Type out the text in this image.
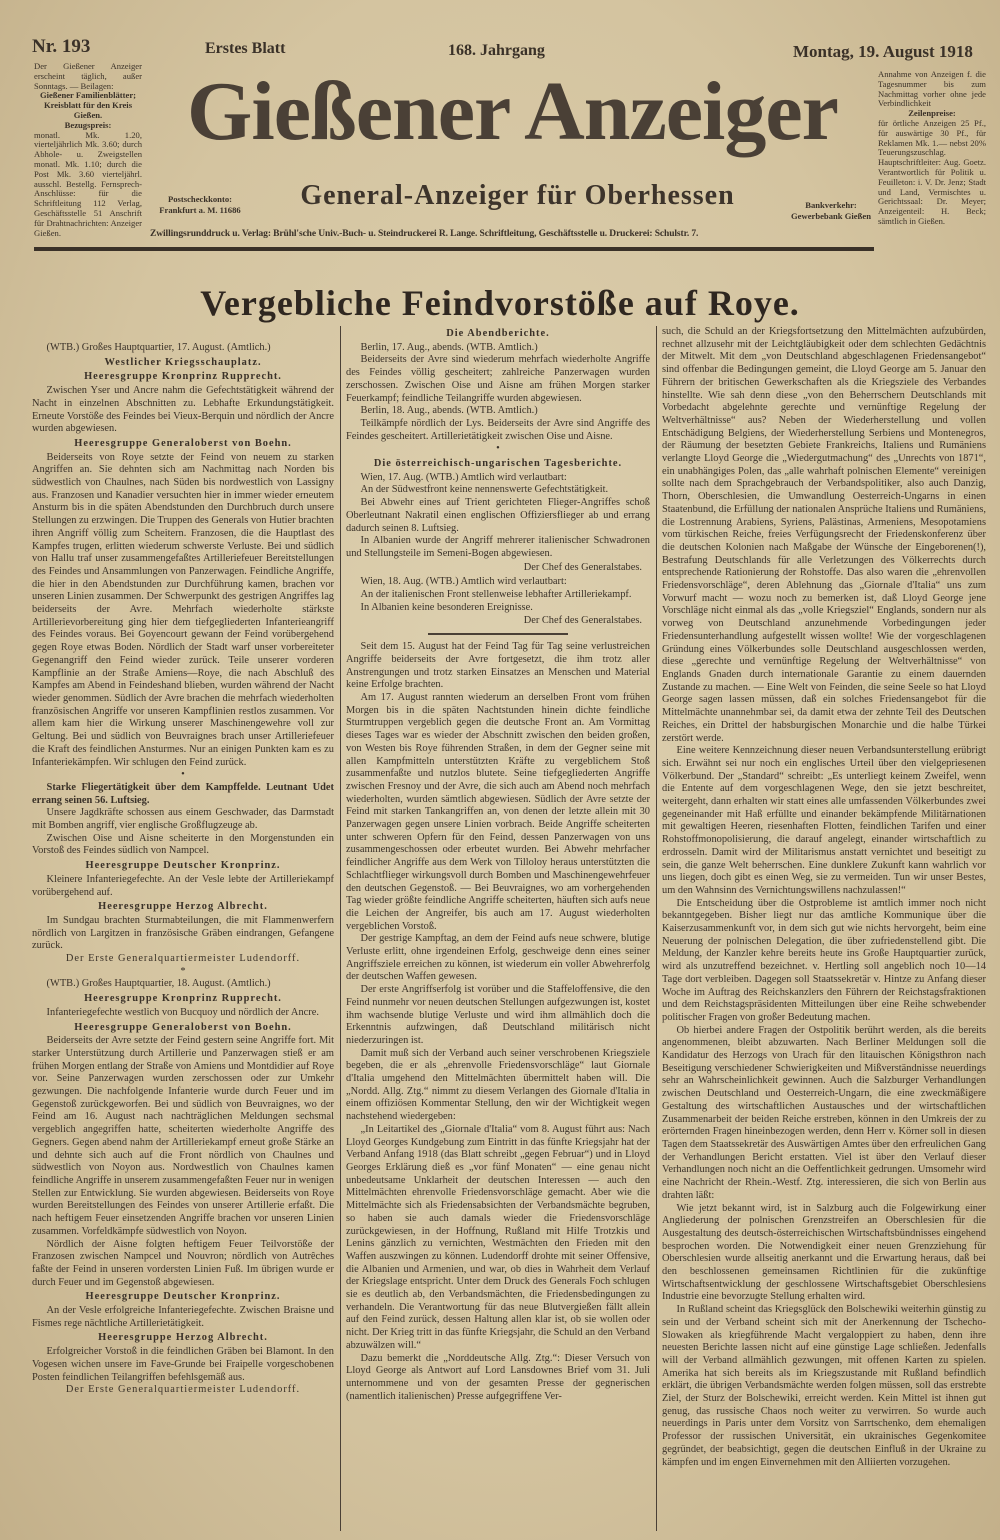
Nr. 193	Erstes Blatt	168. Jahrgang	Montag, 19. August 1918
Der Gießener Anzeiger erscheint täglich, außer Sonntags. — Beilagen:
Gießener Familienblätter;
Kreisblatt für den Kreis Gießen.
Bezugspreis:
monatl. Mk. 1.20, vierteljährlich Mk. 3.60; durch Abhole- u. Zweigstellen monatl. Mk. 1.10; durch die Post Mk. 3.60 vierteljährl. ausschl. Bestellg. Fernsprech-Anschlüsse: für die Schriftleitung 112 Verlag, Geschäftsstelle 51 Anschrift für Drahtnachrichten: Anzeiger Gießen.
Gießener Anzeiger
Postscheckkonto: Frankfurt a. M. 11686	General-Anzeiger für Oberhessen	Bankverkehr: Gewerbebank Gießen
Zwillingsrunddruck u. Verlag: Brühl'sche Univ.-Buch- u. Steindruckerei R. Lange. Schriftleitung, Geschäftsstelle u. Druckerei: Schulstr. 7.
Annahme von Anzeigen f. die Tagesnummer bis zum Nachmittag vorher ohne jede Verbindlichkeit
Zeilenpreise:
für örtliche Anzeigen 25 Pf., für auswärtige 30 Pf., für Reklamen Mk. 1.— nebst 20% Teuerungszuschlag. Hauptschriftleiter: Aug. Goetz. Verantwortlich für Politik u. Feuilleton: i. V. Dr. Jenz; Stadt und Land, Vermischtes u. Gerichtssaal: Dr. Meyer; Anzeigenteil: H. Beck; sämtlich in Gießen.
Vergebliche Feindvorstöße auf Roye.

(WTB.) Großes Hauptquartier, 17. August. (Amtlich.)

Westlicher Kriegsschauplatz.

Heeresgruppe Kronprinz Rupprecht.

Zwischen Yser und Ancre nahm die Gefechtstätigkeit während der Nacht in einzelnen Abschnitten zu. Lebhafte Erkundungstätigkeit. Erneute Vorstöße des Feindes bei Vieux-Berquin und nördlich der Ancre wurden abgewiesen.

Heeresgruppe Generaloberst von Boehn.

Beiderseits von Roye setzte der Feind von neuem zu starken Angriffen an. Sie dehnten sich am Nachmittag nach Norden bis südwestlich von Chaulnes, nach Süden bis nordwestlich von Lassigny aus. Franzosen und Kanadier versuchten hier in immer wieder erneutem Ansturm bis in die späten Abendstunden den Durchbruch durch unsere Stellungen zu erzwingen. Die Truppen des Generals von Hutier brachten ihren Angriff völlig zum Scheitern. Franzosen, die die Hauptlast des Kampfes trugen, erlitten wiederum schwerste Verluste. Bei und südlich von Hallu traf unser zusammengefaßtes Artilleriefeuer Bereitstellungen des Feindes und Ansammlungen von Panzerwagen. Feindliche Angriffe, die hier in den Abendstunden zur Durchführung kamen, brachen vor unseren Linien zusammen. Der Schwerpunkt des gestrigen Angriffes lag beiderseits der Avre. Mehrfach wiederholte stärkste Artillerievorbereitung ging hier dem tiefgegliederten Infanterieangriff des Feindes voraus. Bei Goyencourt gewann der Feind vorübergehend gegen Roye etwas Boden. Nördlich der Stadt warf unser vorbereiteter Gegenangriff den Feind wieder zurück. Teile unserer vorderen Kampflinie an der Straße Amiens—Roye, die nach Abschluß des Kampfes am Abend in Feindeshand blieben, wurden während der Nacht wieder genommen. Südlich der Avre brachen die mehrfach wiederholten französischen Angriffe vor unseren Kampflinien restlos zusammen. Vor allem kam hier die Wirkung unserer Maschinengewehre voll zur Geltung. Bei und südlich von Beuvraignes brach unser Artilleriefeuer die Kraft des feindlichen Ansturmes. Nur an einigen Punkten kam es zu Infanteriekämpfen. Wir schlugen den Feind zurück.

•

Starke Fliegertätigkeit über dem Kampffelde. Leutnant Udet errang seinen 56. Luftsieg.

Unsere Jagdkräfte schossen aus einem Geschwader, das Darmstadt mit Bomben angriff, vier englische Großflugzeuge ab.

Zwischen Oise und Aisne scheiterte in den Morgenstunden ein Vorstoß des Feindes südlich von Nampcel.

Heeresgruppe Deutscher Kronprinz.

Kleinere Infanteriegefechte. An der Vesle lebte der Artilleriekampf vorübergehend auf.

Heeresgruppe Herzog Albrecht.

Im Sundgau brachten Sturmabteilungen, die mit Flammenwerfern nördlich von Largitzen in französische Gräben eindrangen, Gefangene zurück.

Der Erste Generalquartiermeister Ludendorff.

*

(WTB.) Großes Hauptquartier, 18. August. (Amtlich.)

Heeresgruppe Kronprinz Rupprecht.

Infanteriegefechte westlich von Bucquoy und nördlich der Ancre.

Heeresgruppe Generaloberst von Boehn.

Beiderseits der Avre setzte der Feind gestern seine Angriffe fort. Mit starker Unterstützung durch Artillerie und Panzerwagen stieß er am frühen Morgen entlang der Straße von Amiens und Montdidier auf Roye vor. Seine Panzerwagen wurden zerschossen oder zur Umkehr gezwungen. Die nachfolgende Infanterie wurde durch Feuer und im Gegenstoß zurückgeworfen. Bei und südlich von Beuvraignes, wo der Feind am 16. August nach nachträglichen Meldungen sechsmal vergeblich angegriffen hatte, scheiterten wiederholte Angriffe des Gegners. Gegen abend nahm der Artilleriekampf erneut große Stärke an und dehnte sich auch auf die Front nördlich von Chaulnes und südwestlich von Noyon aus. Nordwestlich von Chaulnes kamen feindliche Angriffe in unserem zusammengefaßten Feuer nur in wenigen Stellen zur Entwicklung. Sie wurden abgewiesen. Beiderseits von Roye wurden Bereitstellungen des Feindes von unserer Artillerie erfaßt. Die nach heftigem Feuer einsetzenden Angriffe brachen vor unseren Linien zusammen. Vorfeldkämpfe südwestlich von Noyon.

Nördlich der Aisne folgten heftigem Feuer Teilvorstöße der Franzosen zwischen Nampcel und Nouvron; nördlich von Autrêches faßte der Feind in unseren vordersten Linien Fuß. Im übrigen wurde er durch Feuer und im Gegenstoß abgewiesen.

Heeresgruppe Deutscher Kronprinz.

An der Vesle erfolgreiche Infanteriegefechte. Zwischen Braisne und Fismes rege nächtliche Artillerietätigkeit.

Heeresgruppe Herzog Albrecht.

Erfolgreicher Vorstoß in die feindlichen Gräben bei Blamont. In den Vogesen wichen unsere im Fave-Grunde bei Fraipelle vorgeschobenen Posten feindlichen Teilangriffen befehlsgemäß aus.

Der Erste Generalquartiermeister Ludendorff.

Die Abendberichte.

Berlin, 17. Aug., abends. (WTB. Amtlich.)

Beiderseits der Avre sind wiederum mehrfach wiederholte Angriffe des Feindes völlig gescheitert; zahlreiche Panzerwagen wurden zerschossen. Zwischen Oise und Aisne am frühen Morgen starker Feuerkampf; feindliche Teilangriffe wurden abgewiesen.

Berlin, 18. Aug., abends. (WTB. Amtlich.)

Teilkämpfe nördlich der Lys. Beiderseits der Avre sind Angriffe des Feindes gescheitert. Artillerietätigkeit zwischen Oise und Aisne.

•

Die österreichisch-ungarischen Tagesberichte.

Wien, 17. Aug. (WTB.) Amtlich wird verlautbart:

An der Südwestfront keine nennenswerte Gefechtstätigkeit.

Bei Abwehr eines auf Trient gerichteten Flieger-Angriffes schoß Oberleutnant Nakratil einen englischen Offiziersflieger ab und errang dadurch seinen 8. Luftsieg.

In Albanien wurde der Angriff mehrerer italienischer Schwadronen und Stellungsteile im Semeni-Bogen abgewiesen.

Der Chef des Generalstabes.

Wien, 18. Aug. (WTB.) Amtlich wird verlautbart:

An der italienischen Front stellenweise lebhafter Artilleriekampf.

In Albanien keine besonderen Ereignisse.

Der Chef des Generalstabes.

Seit dem 15. August hat der Feind Tag für Tag seine verlustreichen Angriffe beiderseits der Avre fortgesetzt, die ihm trotz aller Anstrengungen und trotz starken Einsatzes an Menschen und Material keine Erfolge brachten.

Am 17. August rannten wiederum an derselben Front vom frühen Morgen bis in die späten Nachtstunden hinein dichte feindliche Sturmtruppen vergeblich gegen die deutsche Front an. Am Vormittag dieses Tages war es wieder der Abschnitt zwischen den beiden großen, von Westen bis Roye führenden Straßen, in dem der Gegner seine mit allen Kampfmitteln unterstützten Kräfte zu vergeblichem Stoß zusammenfaßte und nutzlos blutete. Seine tiefgegliederten Angriffe zwischen Fresnoy und der Avre, die sich auch am Abend noch mehrfach wiederholten, wurden sämtlich abgewiesen. Südlich der Avre setzte der Feind mit starken Tankangriffen an, von denen der letzte allein mit 30 Panzerwagen gegen unsere Linien vorbrach. Beide Angriffe scheiterten unter schweren Opfern für den Feind, dessen Panzerwagen von uns zusammengeschossen oder erbeutet wurden. Bei Abwehr mehrfacher feindlicher Angriffe aus dem Werk von Tilloloy heraus unterstützten die Schlachtflieger wirkungsvoll durch Bomben und Maschinengewehrfeuer den deutschen Gegenstoß. — Bei Beuvraignes, wo am vorhergehenden Tag wieder größte feindliche Angriffe scheiterten, häuften sich aufs neue die Leichen der Angreifer, bis auch am 17. August wiederholten vergeblichen Vorstoß.

Der gestrige Kampftag, an dem der Feind aufs neue schwere, blutige Verluste erlitt, ohne irgendeinen Erfolg, geschweige denn eines seiner Angriffsziele erreichen zu können, ist wiederum ein voller Abwehrerfolg der deutschen Waffen gewesen.

Der erste Angriffserfolg ist vorüber und die Staffeloffensive, die den Feind nunmehr vor neuen deutschen Stellungen aufgezwungen ist, kostet ihm wachsende blutige Verluste und wird ihm allmählich doch die Erkenntnis aufzwingen, daß Deutschland militärisch nicht niederzuringen ist.

Damit muß sich der Verband auch seiner verschrobenen Kriegsziele begeben, die er als „ehrenvolle Friedensvorschläge“ laut Giornale d'Italia umgehend den Mittelmächten übermittelt haben will. Die „Nordd. Allg. Ztg.“ nimmt zu diesem Verlangen des Giornale d'Italia in einem offiziösen Kommentar Stellung, den wir der Wichtigkeit wegen nachstehend wiedergeben:

„In Leitartikel des „Giornale d'Italia“ vom 8. August führt aus: Nach Lloyd Georges Kundgebung zum Eintritt in das fünfte Kriegsjahr hat der Verband Anfang 1918 (das Blatt schreibt „gegen Februar“) und in Lloyd Georges Erklärung dieß es „vor fünf Monaten“ — eine genau nicht unbedeutsame Unklarheit der deutschen Interessen — auch den Mittelmächten ehrenvolle Friedensvorschläge gemacht. Aber wie die Mittelmächte sich als Friedensabsichten der Verbandsmächte begruben, so haben sie auch damals wieder die Friedensvorschläge zurückgewiesen, in der Hoffnung, Rußland mit Hilfe Trotzkis und Lenins gänzlich zu vernichten, Westmächten den Frieden mit den Waffen auszwingen zu können. Ludendorff drohte mit seiner Offensive, die Albanien und Armenien, und war, ob dies in Wahrheit dem Verlauf der Kriegslage entspricht. Unter dem Druck des Generals Foch schlugen sie es deutlich ab, den Verbandsmächten, die Friedensbedingungen zu verhandeln. Die Verantwortung für das neue Blutvergießen fällt allein auf den Feind zurück, dessen Haltung allen klar ist, ob sie wollen oder nicht. Der Krieg tritt in das fünfte Kriegsjahr, die Schuld an den Verband abzuwälzen will.“

Dazu bemerkt die „Norddeutsche Allg. Ztg.“: Dieser Versuch von Lloyd George als Antwort auf Lord Lansdownes Brief vom 31. Juli unternommene und von der gesamten Presse der gegnerischen (namentlich italienischen) Presse aufgegriffene Ver-

such, die Schuld an der Kriegsfortsetzung den Mittelmächten aufzubürden, rechnet allzusehr mit der Leichtgläubigkeit oder dem schlechten Gedächtnis der Mitwelt. Mit dem „von Deutschland abgeschlagenen Friedensangebot“ sind offenbar die Bedingungen gemeint, die Lloyd George am 5. Januar den Führern der britischen Gewerkschaften als die Kriegsziele des Verbandes hinstellte. Wie sah denn diese „von den Beherrschern Deutschlands mit Vorbedacht abgelehnte gerechte und vernünftige Regelung der Weltverhältnisse“ aus? Neben der Wiederherstellung und vollen Entschädigung Belgiens, der Wiederherstellung Serbiens und Montenegros, der Räumung der besetzten Gebiete Frankreichs, Italiens und Rumäniens verlangte Lloyd George die „Wiedergutmachung“ des „Unrechts von 1871“, ein unabhängiges Polen, das „alle wahrhaft polnischen Elemente“ vereinigen sollte nach dem Sprachgebrauch der Verbandspolitiker, also auch Danzig, Thorn, Oberschlesien, die Umwandlung Oesterreich-Ungarns in einen Staatenbund, die Erfüllung der nationalen Ansprüche Italiens und Rumäniens, die Lostrennung Arabiens, Syriens, Palästinas, Armeniens, Mesopotamiens vom türkischen Reiche, freies Verfügungsrecht der Friedenskonferenz über die deutschen Kolonien nach Maßgabe der Wünsche der Eingeborenen(!), Bestrafung Deutschlands für alle Verletzungen des Völkerrechts durch entsprechende Rationierung der Rohstoffe. Das also waren die „ehrenvollen Friedensvorschläge“, deren Ablehnung das „Giornale d'Italia“ uns zum Vorwurf macht — wozu noch zu bemerken ist, daß Lloyd George jene Vorschläge nicht einmal als das „volle Kriegsziel“ Englands, sondern nur als vorweg von Deutschland anzunehmende Vorbedingungen jeder Friedensunterhandlung aufgestellt wissen wollte! Wie der vorgeschlagenen Gründung eines Völkerbundes solle Deutschland ausgeschlossen werden, diese „gerechte und vernünftige Regelung der Weltverhältnisse“ von Englands Gnaden durch internationale Garantie zu einem dauernden Zustande zu machen. — Eine Welt von Feinden, die seine Seele so hat Lloyd George sagen lassen müssen, daß ein solches Friedensangebot für die Mittelmächte unannehmbar sei, da damit etwa der zehnte Teil des Deutschen Reiches, ein Drittel der habsburgischen Monarchie und die halbe Türkei zerstört werde.

Eine weitere Kennzeichnung dieser neuen Verbandsunterstellung erübrigt sich. Erwähnt sei nur noch ein englisches Urteil über den vielgepriesenen Völkerbund. Der „Standard“ schreibt: „Es unterliegt keinem Zweifel, wenn die Entente auf dem vorgeschlagenen Wege, den sie jetzt beschreitet, weitergeht, dann erhalten wir statt eines alle umfassenden Völkerbundes zwei gegeneinander mit Haß erfüllte und einander bekämpfende Militärnationen mit gewaltigen Heeren, riesenhaften Flotten, feindlichen Tarifen und einer Rohstoffmonopolisierung, die darauf angelegt, einander wirtschaftlich zu erdrosseln. Damit wird der Militarismus anstatt vernichtet und beseitigt zu sein, die ganze Welt beherrschen. Eine dunklere Zukunft kann wahrlich vor uns liegen, doch gibt es einen Weg, sie zu vermeiden. Tun wir unser Bestes, um den Wahnsinn des Vernichtungswillens nachzulassen!“

Die Entscheidung über die Ostprobleme ist amtlich immer noch nicht bekanntgegeben. Bisher liegt nur das amtliche Kommunique über die Kaiserzusammenkunft vor, in dem sich gut wie nichts hervorgeht, beim eine Neuerung der polnischen Delegation, die über zufriedenstellend gibt. Die Meldung, der Kanzler kehre bereits heute ins Große Hauptquartier zurück, wird als unzutreffend bezeichnet. v. Hertling soll angeblich noch 10—14 Tage dort verbleiben. Dagegen soll Staatssekretär v. Hintze zu Anfang dieser Woche im Auftrag des Reichskanzlers den Führern der Reichstagsfraktionen und dem Reichstagspräsidenten Mitteilungen über eine Reihe schwebender politischer Fragen von großer Bedeutung machen.

Ob hierbei andere Fragen der Ostpolitik berührt werden, als die bereits angenommenen, bleibt abzuwarten. Nach Berliner Meldungen soll die Kandidatur des Herzogs von Urach für den litauischen Königsthron nach Beseitigung verschiedener Schwierigkeiten und Mißverständnisse neuerdings sehr an Wahrscheinlichkeit gewinnen. Auch die Salzburger Verhandlungen zwischen Deutschland und Oesterreich-Ungarn, die eine zweckmäßigere Gestaltung des wirtschaftlichen Austausches und der wirtschaftlichen Zusammenarbeit der beiden Reiche erstreben, können in den Umkreis der zu erörternden Fragen hineinbezogen werden, denn Herr v. Körner soll in diesen Tagen dem Staatssekretär des Auswärtigen Amtes über den erfreulichen Gang der Verhandlungen Bericht erstatten. Viel ist über den Verlauf dieser Verhandlungen noch nicht an die Oeffentlichkeit gedrungen. Umsomehr wird eine Nachricht der Rhein.-Westf. Ztg. interessieren, die sich von Berlin aus drahten läßt:

Wie jetzt bekannt wird, ist in Salzburg auch die Folgewirkung einer Angliederung der polnischen Grenzstreifen an Oberschlesien für die Ausgestaltung des deutsch-österreichischen Wirtschaftsbündnisses eingehend besprochen worden. Die Notwendigkeit einer neuen Grenzziehung für Oberschlesien wurde allseitig anerkannt und die Erwartung heraus, daß bei den beschlossenen gemeinsamen Richtlinien für die zukünftige Wirtschaftsentwicklung der geschlossene Wirtschaftsgebiet Oberschlesiens Industrie eine bevorzugte Stellung erhalten wird.

In Rußland scheint das Kriegsglück den Bolschewiki weiterhin günstig zu sein und der Verband scheint sich mit der Anerkennung der Tschecho-Slowaken als kriegführende Macht vergaloppiert zu haben, denn ihre neuesten Berichte lassen nicht auf eine günstige Lage schließen. Jedenfalls will der Verband allmählich gezwungen, mit offenen Karten zu spielen. Amerika hat sich bereits als im Kriegszustande mit Rußland befindlich erklärt, die übrigen Verbandsmächte werden folgen müssen, soll das erstrebte Ziel, der Sturz der Bolschewiki, erreicht werden. Kein Mittel ist ihnen gut genug, das russische Chaos noch weiter zu verwirren. So wurde auch neuerdings in Paris unter dem Vorsitz von Sarrtschenko, dem ehemaligen Professor der russischen Universität, ein ukrainisches Gegenkomitee gegründet, der beabsichtigt, gegen die deutschen Einfluß in der Ukraine zu kämpfen und im engen Einvernehmen mit den Alliierten vorzugehen.
